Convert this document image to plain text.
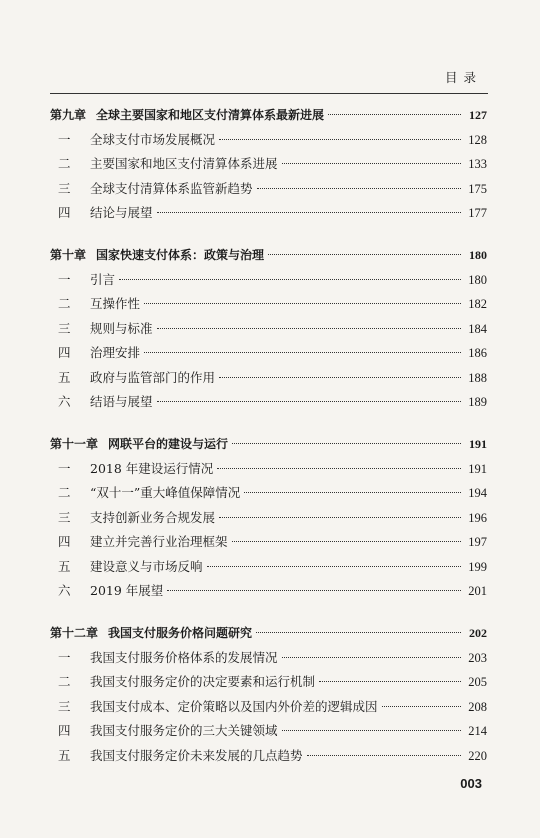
目录
第九章 全球主要国家和地区支付清算体系最新进展	127
一	全球支付市场发展概况	128
二	主要国家和地区支付清算体系进展	133
三	全球支付清算体系监管新趋势	175
四	结论与展望	177
第十章 国家快速支付体系：政策与治理	180
一	引言	180
二	互操作性	182
三	规则与标准	184
四	治理安排	186
五	政府与监管部门的作用	188
六	结语与展望	189
第十一章 网联平台的建设与运行	191
一	2018 年建设运行情况	191
二	“双十一”重大峰值保障情况	194
三	支持创新业务合规发展	196
四	建立并完善行业治理框架	197
五	建设意义与市场反响	199
六	2019 年展望	201
第十二章 我国支付服务价格问题研究	202
一	我国支付服务价格体系的发展情况	203
二	我国支付服务定价的决定要素和运行机制	205
三	我国支付成本、定价策略以及国内外价差的逻辑成因	208
四	我国支付服务定价的三大关键领域	214
五	我国支付服务定价未来发展的几点趋势	220
003
